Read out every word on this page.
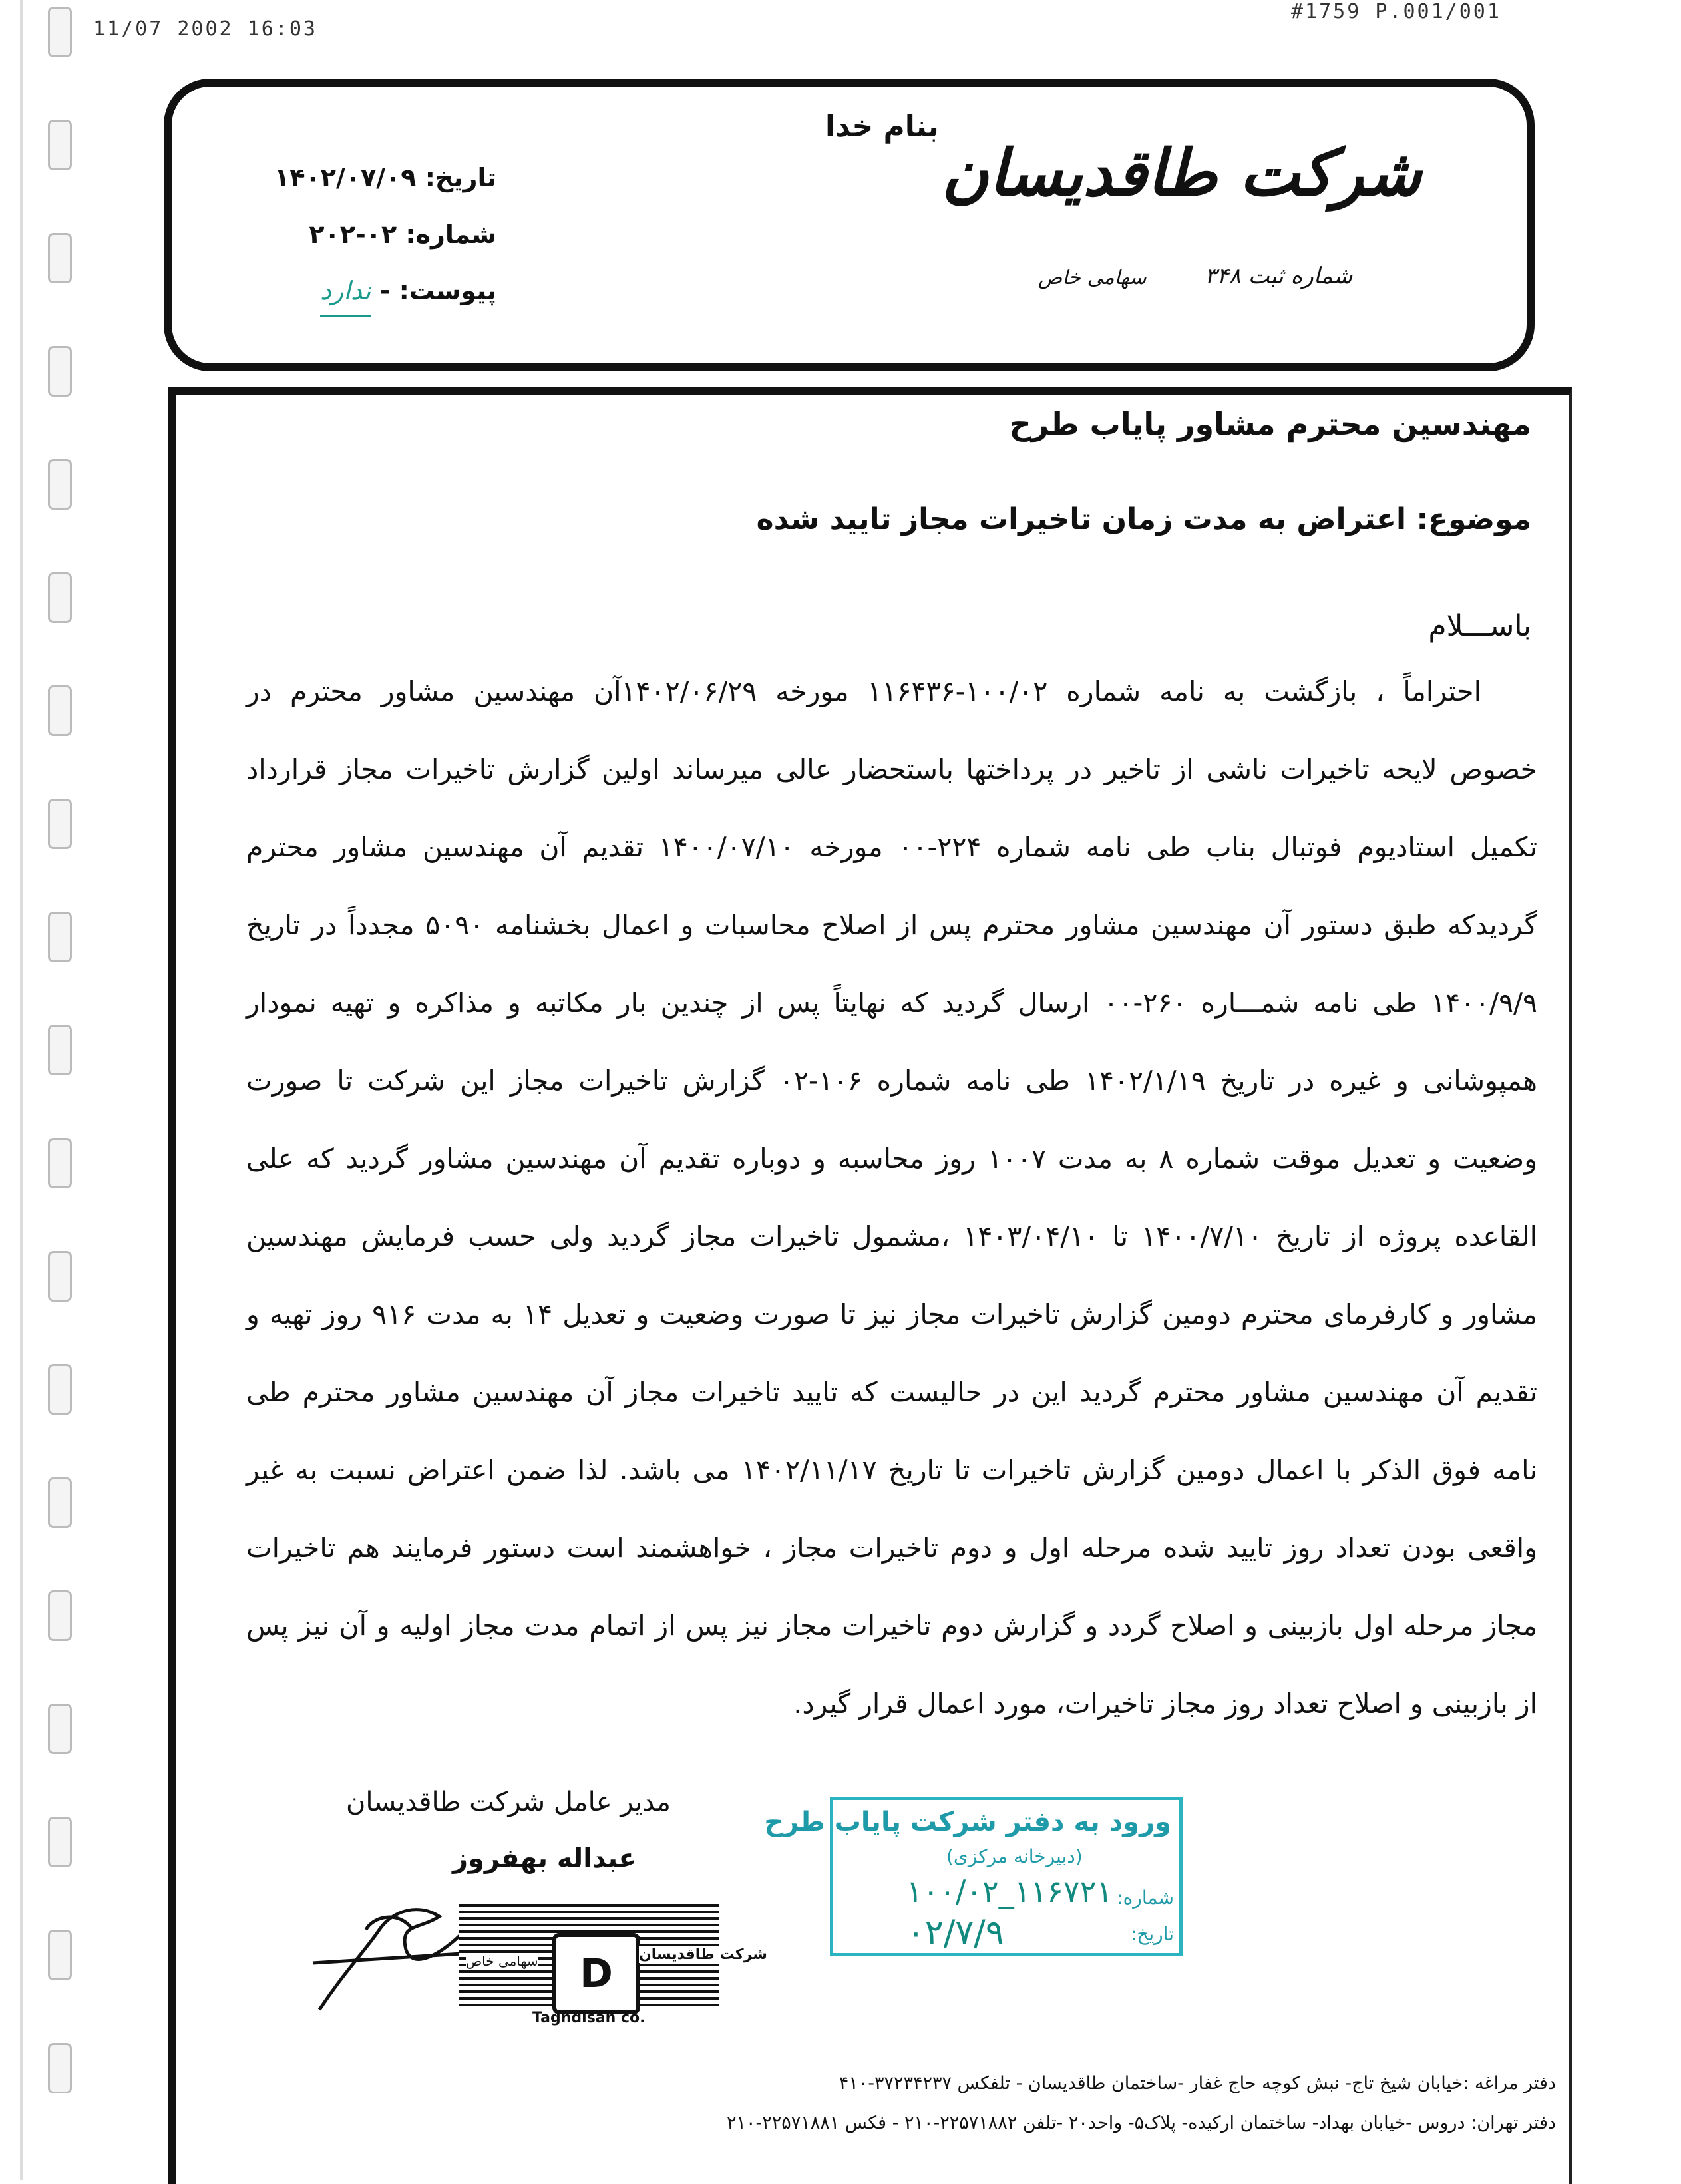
11/07 2002 16:03
#1759 P.001/001
بنام خدا
شرکت طاقدیسان
سهامی خاص	شماره ثبت ۳۴۸
تاریخ: ۱۴۰۲/۰۷/۰۹
شماره: ۰۲-۲۰۲
پیوست: - ندارد
مهندسین محترم مشاور پایاب طرح
موضوع: اعتراض به مدت زمان تاخیرات مجاز تایید شده
باســـلام
احتراماً ، بازگشت به نامه شماره ۱۰۰/۰۲-۱۱۶۴۳۶ مورخه ۱۴۰۲/۰۶/۲۹آن مهندسین مشاور محترم در
خصوص لایحه تاخیرات ناشی از تاخیر در پرداختها باستحضار عالی میرساند اولین گزارش تاخیرات مجاز قرارداد
تکمیل استادیوم فوتبال بناب طی نامه شماره ۲۲۴-۰۰ مورخه ۱۴۰۰/۰۷/۱۰ تقدیم آن مهندسین مشاور محترم
گردیدکه طبق دستور آن مهندسین مشاور محترم پس از اصلاح محاسبات و اعمال بخشنامه ۵۰۹۰ مجدداً در تاریخ
۱۴۰۰/۹/۹ طی نامه شمـــاره ۲۶۰-۰۰ ارسال گردید که نهایتاً پس از چندین بار مکاتبه و مذاکره و تهیه نمودار
همپوشانی و غیره در تاریخ ۱۴۰۲/۱/۱۹ طی نامه شماره ۱۰۶-۰۲ گزارش تاخیرات مجاز این شرکت تا صورت
وضعیت و تعدیل موقت شماره ۸ به مدت ۱۰۰۷ روز محاسبه و دوباره تقدیم آن مهندسین مشاور گردید که علی
القاعده پروژه از تاریخ ۱۴۰۰/۷/۱۰ تا ۱۴۰۳/۰۴/۱۰ ،مشمول تاخیرات مجاز گردید ولی حسب فرمایش مهندسین
مشاور و کارفرمای محترم دومین گزارش تاخیرات مجاز نیز تا صورت وضعیت و تعدیل ۱۴ به مدت ۹۱۶ روز تهیه و
تقدیم آن مهندسین مشاور محترم گردید این در حالیست که تایید تاخیرات مجاز آن مهندسین مشاور محترم طی
نامه فوق الذکر با اعمال دومین گزارش تاخیرات تا تاریخ ۱۴۰۲/۱۱/۱۷ می باشد. لذا ضمن اعتراض نسبت به غیر
واقعی بودن تعداد روز تایید شده مرحله اول و دوم تاخیرات مجاز ، خواهشمند است دستور فرمایند هم تاخیرات
مجاز مرحله اول بازبینی و اصلاح گردد و گزارش دوم تاخیرات مجاز نیز پس از اتمام مدت مجاز اولیه و آن نیز پس
از بازبینی و اصلاح تعداد روز مجاز تاخیرات، مورد اعمال قرار گیرد.
مدیر عامل شرکت طاقدیسان
عبداله بهفروز
D	شرکت طاقدیسان
سهامی خاص
Taghdisan co.
ورود به دفتر شرکت پایاب طرح
(دبیرخانه مرکزی)
شماره:
۱۰۰/۰۲_۱۱۶۷۲۱
تاریخ:
۰۲/۷/۹
دفتر مراغه :خیابان شیخ تاج- نبش کوچه حاج غفار -ساختمان طاقدیسان - تلفکس ۳۷۲۳۴۲۳۷-۴۱۰
دفتر تهران: دروس -خیابان بهداد- ساختمان ارکیده- پلاک۵- واحد۲۰ -تلفن ۲۲۵۷۱۸۸۲-۲۱۰ - فکس ۲۲۵۷۱۸۸۱-۲۱۰
